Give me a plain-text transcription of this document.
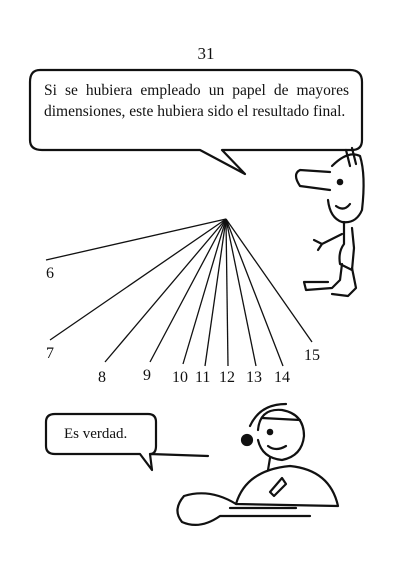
31
6
7
8 9 10 11 12 13 14
15

Si se hubiera empleado un papel de mayores dimensiones, este hubiera sido el resultado final.

Es verdad.
